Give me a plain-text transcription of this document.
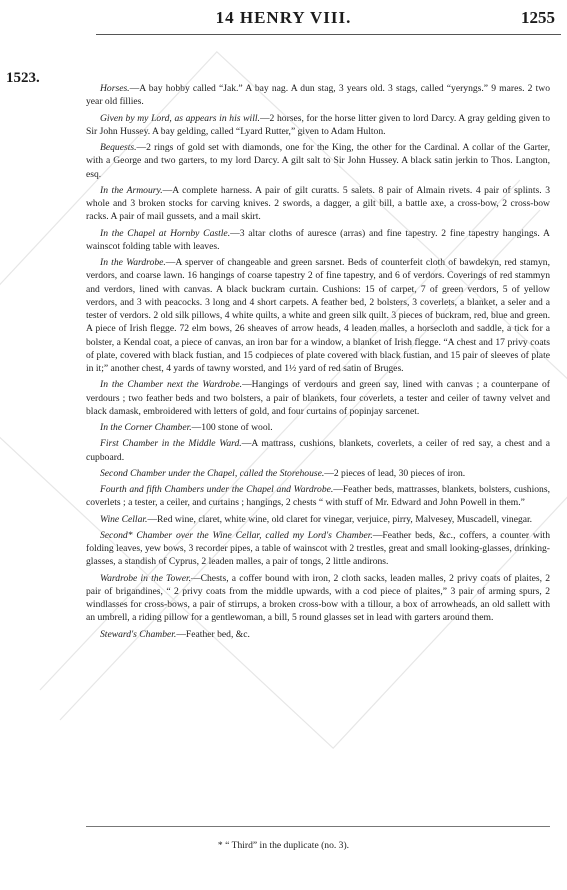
14 HENRY VIII.	1255
1523.

Horses.—A bay hobby called “Jak.” A bay nag. A dun stag, 3 years old. 3 stags, called “yeryngs.” 9 mares. 2 two year old fillies.

Given by my Lord, as appears in his will.—2 horses, for the horse litter given to lord Darcy. A gray gelding given to Sir John Hussey. A bay gelding, called “Lyard Rutter,” given to Adam Hulton.

Bequests.—2 rings of gold set with diamonds, one for the King, the other for the Cardinal. A collar of the Garter, with a George and two garters, to my lord Darcy. A gilt salt to Sir John Hussey. A black satin jerkin to Thos. Langton, esq.

In the Armoury.—A complete harness. A pair of gilt curatts. 5 salets. 8 pair of Almain rivets. 4 pair of splints. 3 whole and 3 broken stocks for carving knives. 2 swords, a dagger, a gilt bill, a battle axe, a cross-bow, 2 cross-bow racks. A pair of mail gussets, and a mail skirt.

In the Chapel at Hornby Castle.—3 altar cloths of auresce (arras) and fine tapestry. 2 fine tapestry hangings. A wainscot folding table with leaves.

In the Wardrobe.—A sperver of changeable and green sarsnet. Beds of counterfeit cloth of bawdekyn, red stamyn, verdors, and coarse lawn. 16 hangings of coarse tapestry 2 of fine tapestry, and 6 of verdors. Coverings of red stammyn and verdors, lined with canvas. A black buckram curtain. Cushions: 15 of carpet, 7 of green verdors, 5 of yellow verdors, and 3 with peacocks. 3 long and 4 short carpets. A feather bed, 2 bolsters, 3 coverlets, a blanket, a seler and a tester of verdors. 2 old silk pillows, 4 white quilts, a white and green silk quilt. 3 pieces of buckram, red, blue and green. A piece of Irish flegge. 72 elm bows, 26 sheaves of arrow heads, 4 leaden malles, a horsecloth and saddle, a tick for a bolster, a Kendal coat, a piece of canvas, an iron bar for a window, a blanket of Irish flegge. “A chest and 17 privy coats of plate, covered with black fustian, and 15 codpieces of plate covered with black fustian, and 15 pair of sleeves of plate in it;” another chest, 4 yards of tawny worsted, and 1½ yard of red satin of Bruges.

In the Chamber next the Wardrobe.—Hangings of verdours and green say, lined with canvas ; a counterpane of verdours ; two feather beds and two bolsters, a pair of blankets, four coverlets, a tester and ceiler of tawny velvet and black damask, embroidered with letters of gold, and four curtains of popinjay sarcenet.

In the Corner Chamber.—100 stone of wool.

First Chamber in the Middle Ward.—A mattrass, cushions, blankets, coverlets, a ceiler of red say, a chest and a cupboard.

Second Chamber under the Chapel, called the Storehouse.—2 pieces of lead, 30 pieces of iron.

Fourth and fifth Chambers under the Chapel and Wardrobe.—Feather beds, mattrasses, blankets, bolsters, cushions, coverlets ; a tester, a ceiler, and curtains ; hangings, 2 chests “ with stuff of Mr. Edward and John Powell in them.”

Wine Cellar.—Red wine, claret, white wine, old claret for vinegar, verjuice, pirry, Malvesey, Muscadell, vinegar.

Second* Chamber over the Wine Cellar, called my Lord's Chamber.—Feather beds, &c., coffers, a counter with folding leaves, yew bows, 3 recorder pipes, a table of wainscot with 2 trestles, great and small looking-glasses, drinking-glasses, a standish of Cyprus, 2 leaden malles, a pair of tongs, 2 little andirons.

Wardrobe in the Tower.—Chests, a coffer bound with iron, 2 cloth sacks, leaden malles, 2 privy coats of plaites, 2 pair of brigandines, “ 2 privy coats from the middle upwards, with a cod piece of plaites,” 3 pair of arming spurs, 2 windlasses for cross-bows, a pair of stirrups, a broken cross-bow with a tillour, a box of arrowheads, an old sallett with an umbrell, a riding pillow for a gentlewoman, a bill, 5 round glasses set in lead with garters around them.

Steward's Chamber.—Feather bed, &c.

* “ Third” in the duplicate (no. 3).
